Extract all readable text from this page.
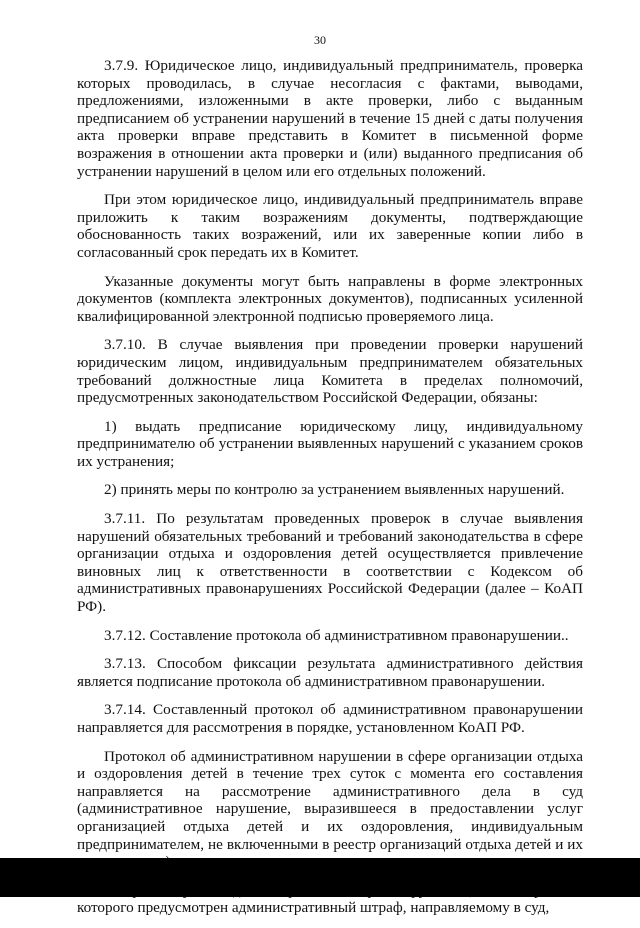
30

3.7.9. Юридическое лицо, индивидуальный предприниматель, проверка которых проводилась, в случае несогласия с фактами, выводами, предложениями, изложенными в акте проверки, либо с выданным предписанием об устранении нарушений в течение 15 дней с даты получения акта проверки вправе представить в Комитет в письменной форме возражения в отношении акта проверки и (или) выданного предписания об устранении нарушений в целом или его отдельных положений.

При этом юридическое лицо, индивидуальный предприниматель вправе приложить к таким возражениям документы, подтверждающие обоснованность таких возражений, или их заверенные копии либо в согласованный срок передать их в Комитет.

Указанные документы могут быть направлены в форме электронных документов (комплекта электронных документов), подписанных усиленной квалифицированной электронной подписью проверяемого лица.

3.7.10. В случае выявления при проведении проверки нарушений юридическим лицом, индивидуальным предпринимателем обязательных требований должностные лица Комитета в пределах полномочий, предусмотренных законодательством Российской Федерации, обязаны:

1) выдать предписание юридическому лицу, индивидуальному предпринимателю об устранении выявленных нарушений с указанием сроков их устранения;

2) принять меры по контролю за устранением выявленных нарушений.

3.7.11. По результатам проведенных проверок в случае выявления нарушений обязательных требований и требований законодательства в сфере организации отдыха и оздоровления детей осуществляется привлечение виновных лиц к ответственности в соответствии с Кодексом об административных правонарушениях Российской Федерации (далее – КоАП РФ).

3.7.12. Составление протокола об административном правонарушении..

3.7.13. Способом фиксации результата административного действия является подписание протокола об административном правонарушении.

3.7.14. Составленный протокол об административном правонарушении направляется для рассмотрения в порядке, установленном КоАП РФ.

Протокол об административном нарушении в сфере организации отдыха и оздоровления детей в течение трех суток с момента его составления направляется на рассмотрение административного дела в суд (административное нарушение, выразившееся в предоставлении услуг организацией отдыха детей и их оздоровления, индивидуальным предпринимателем, не включенными в реестр организаций отдыха детей и их

которого предусмотрен административный штраф, направляемому в суд,
